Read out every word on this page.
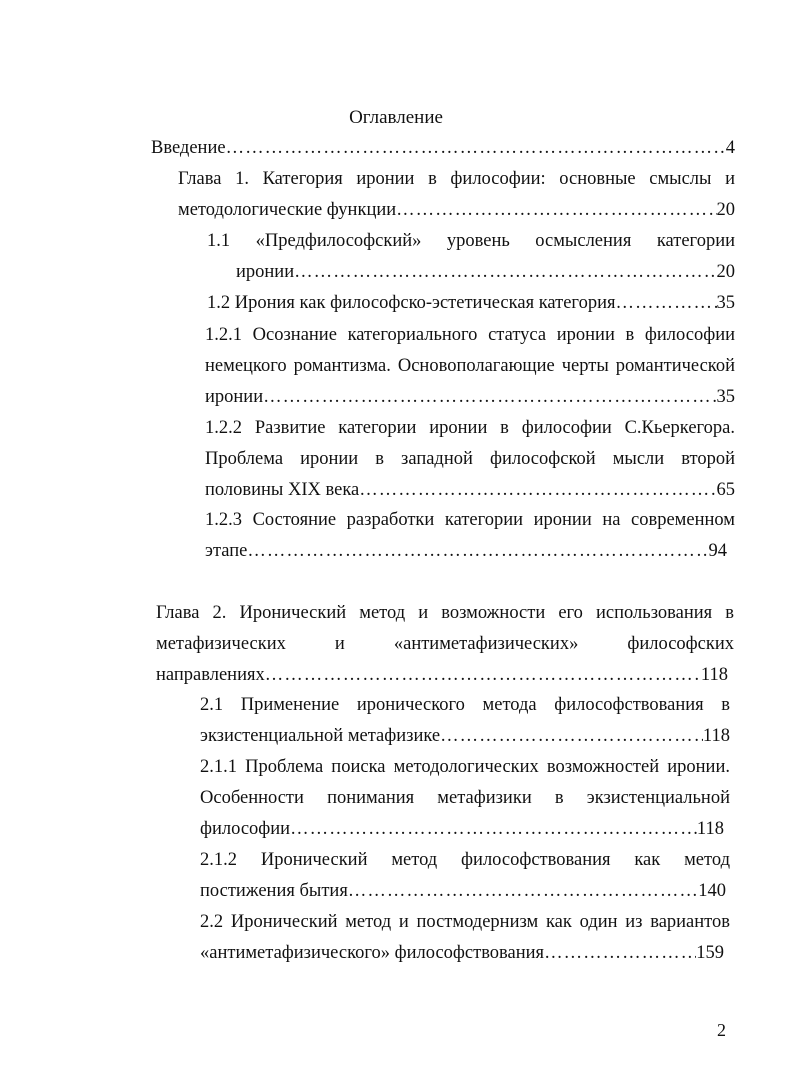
Оглавление
Введение ……………………………………………………………………………………………………………………………………………………	4
Глава 1. Категория иронии в философии: основные смыслы и
методологические функции ……………………………………………………………………………………………………………………………………………………	20
1.1 «Предфилософский» уровень осмысления категории
иронии ……………………………………………………………………………………………………………………………………………………	20
1.2 Ирония как философско-эстетическая категория ……………………………………………………………………………………………………………………………………………………	35
1.2.1 Осознание категориального статуса иронии в философии
немецкого романтизма. Основополагающие черты романтической
иронии ……………………………………………………………………………………………………………………………………………………	35
1.2.2 Развитие категории иронии в философии С.Кьеркегора.
Проблема иронии в западной философской мысли второй
половины XIX века ……………………………………………………………………………………………………………………………………………………	65
1.2.3 Состояние разработки категории иронии на современном
этапе ……………………………………………………………………………………………………………………………………………………	94
Глава 2. Иронический метод и возможности его использования в
метафизических и «антиметафизических» философских
направлениях ……………………………………………………………………………………………………………………………………………………	118
2.1 Применение иронического метода философствования в
экзистенциальной метафизике ……………………………………………………………………………………………………………………………………………………	118
2.1.1 Проблема поиска методологических возможностей иронии.
Особенности понимания метафизики в экзистенциальной
философии ……………………………………………………………………………………………………………………………………………………	118
2.1.2 Иронический метод философствования как метод
постижения бытия ……………………………………………………………………………………………………………………………………………………	140
2.2 Иронический метод и постмодернизм как один из вариантов
«антиметафизического» философствования ……………………………………………………………………………………………………………………………………………………	159
2
